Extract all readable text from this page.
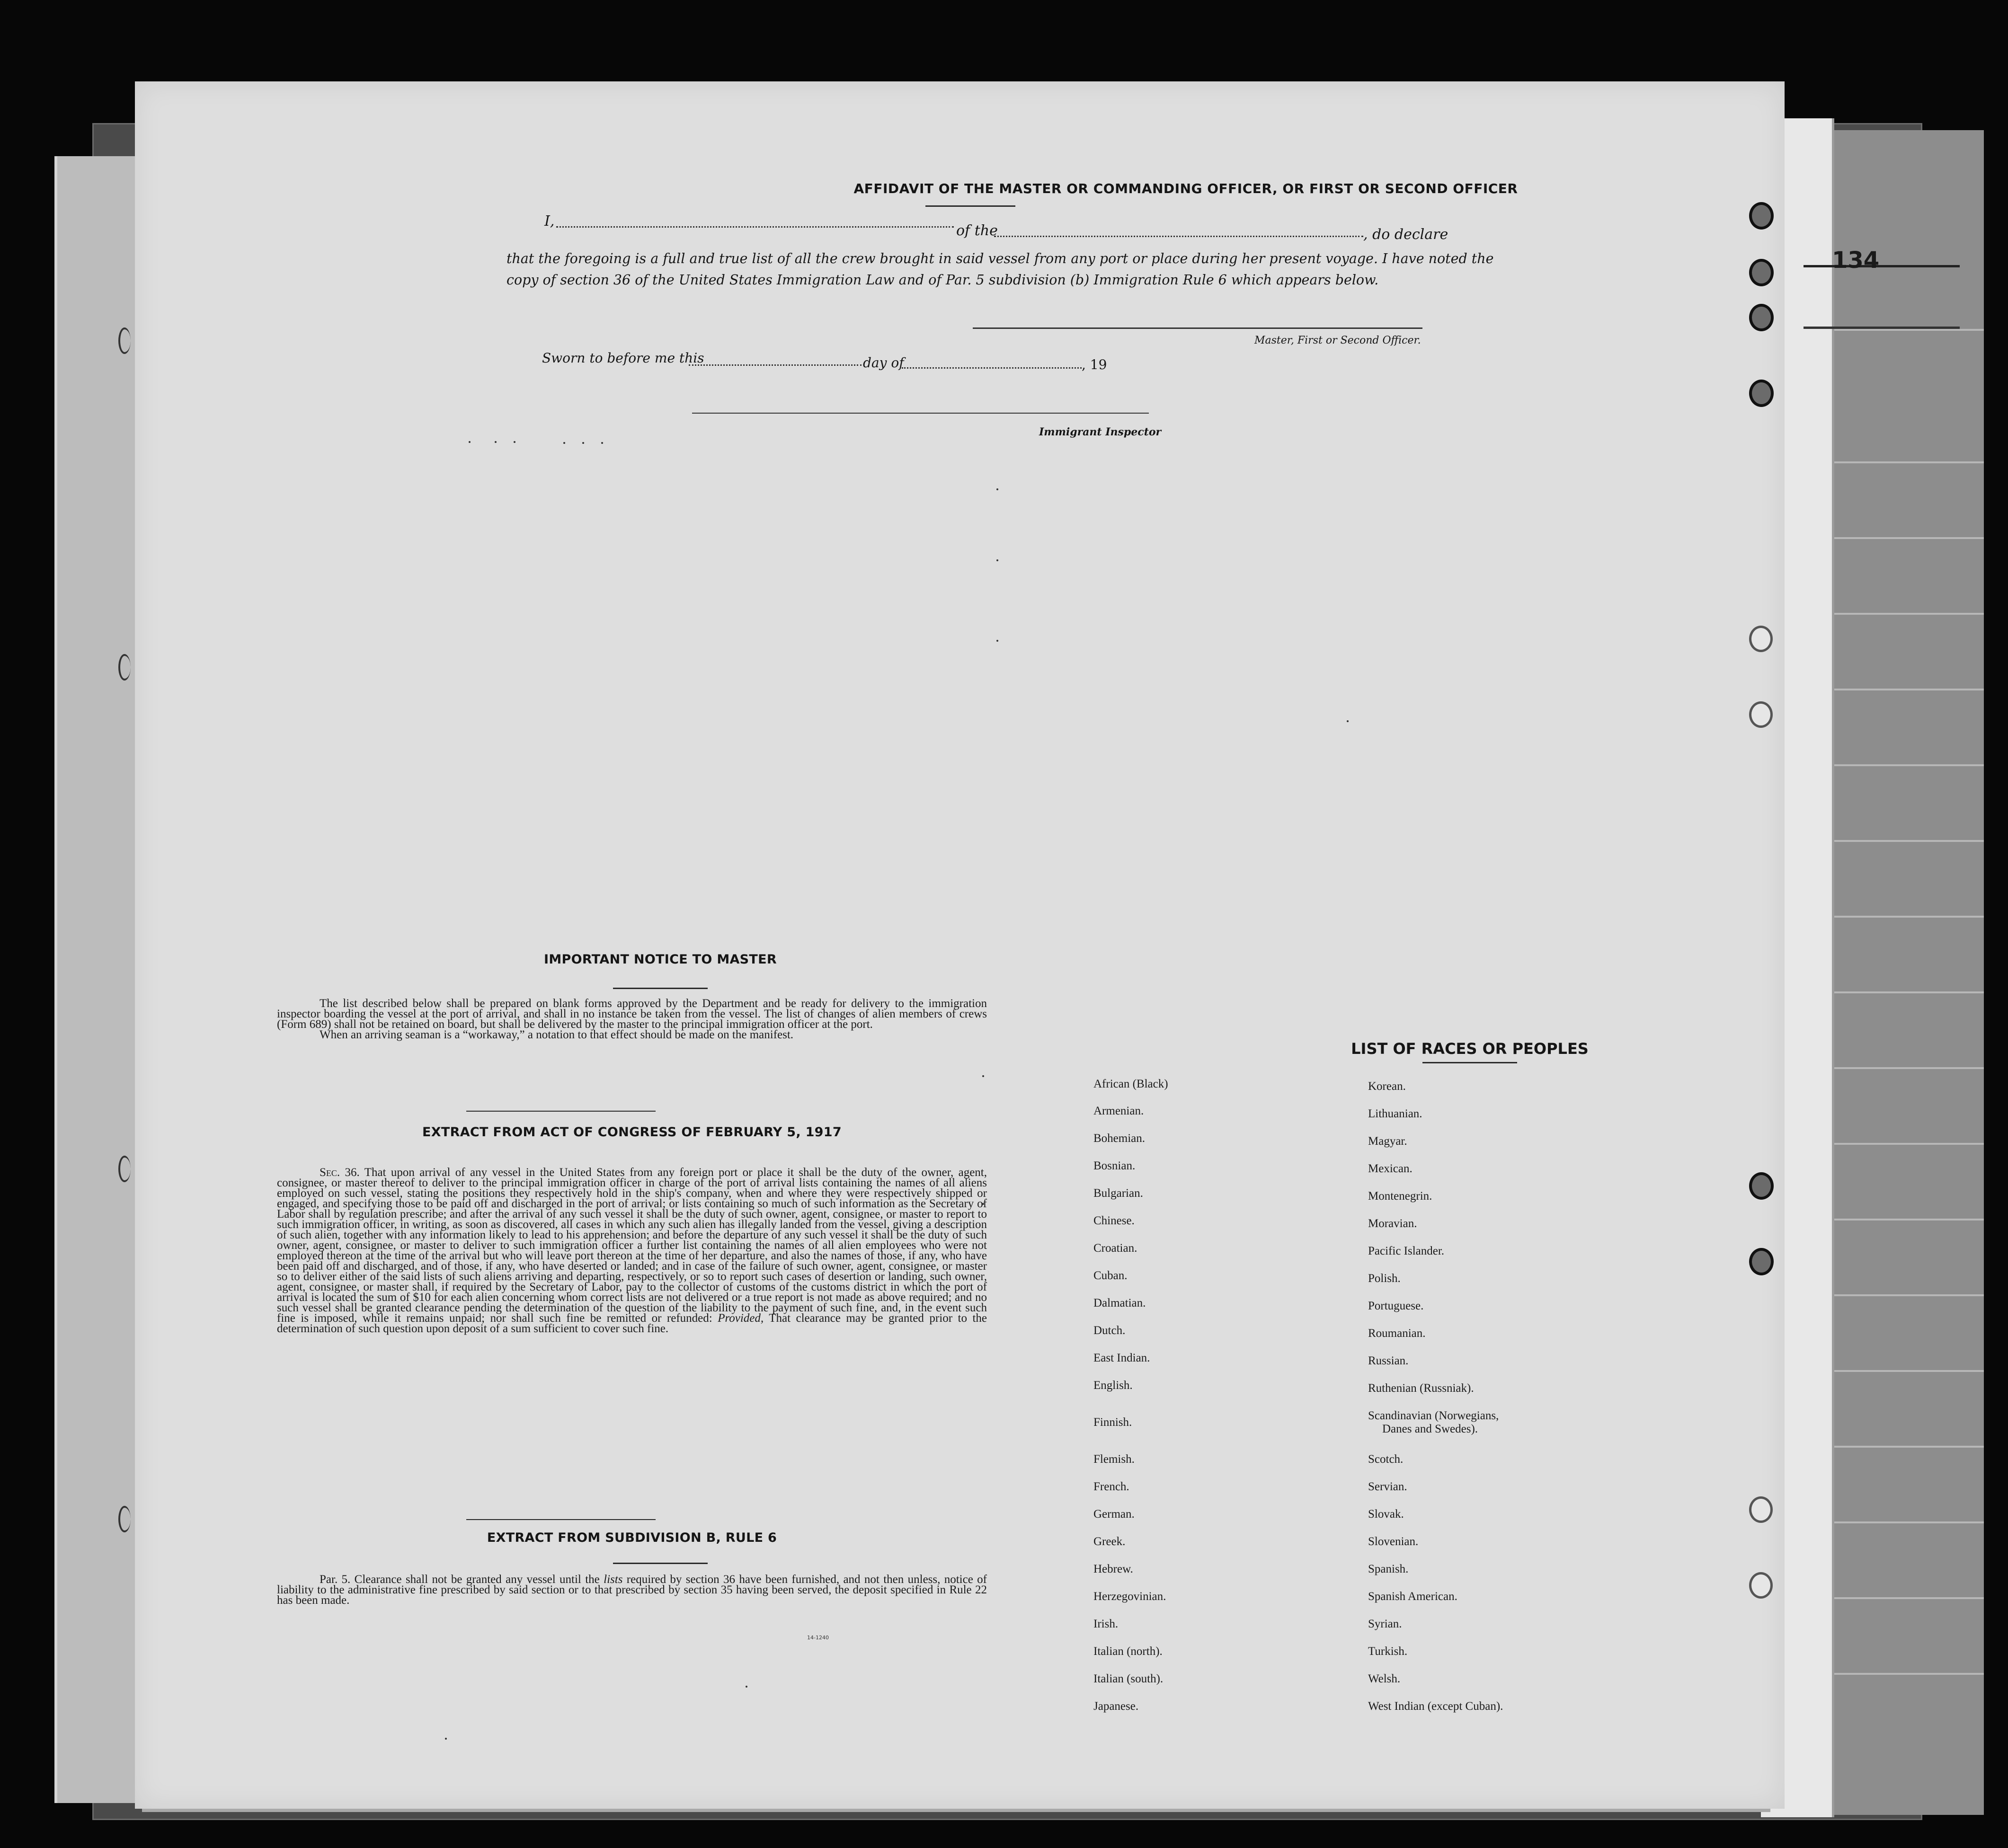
134
AFFIDAVIT OF THE MASTER OR COMMANDING OFFICER, OR FIRST OR SECOND OFFICER
I,
of the	, do declare
that the foregoing is a full and true list of all the crew brought in said vessel from any port or place during her present voyage. I have noted the
copy of section 36 of the United States Immigration Law and of Par. 5 subdivision (b) Immigration Rule 6 which appears below.
Master, First or Second Officer.
Sworn to before me this	day of	, 19
Immigrant Inspector
IMPORTANT NOTICE TO MASTER

The list described below shall be prepared on blank forms approved by the Department and be ready for delivery to the immigration inspector boarding the vessel at the port of arrival, and shall in no instance be taken from the vessel. The list of changes of alien members of crews (Form 689) shall not be retained on board, but shall be delivered by the master to the principal immigration officer at the port.

When an arriving seaman is a “workaway,” a notation to that effect should be made on the manifest.

EXTRACT FROM ACT OF CONGRESS OF FEBRUARY 5, 1917

Sec. 36. That upon arrival of any vessel in the United States from any foreign port or place it shall be the duty of the owner, agent, consignee, or master thereof to deliver to the principal immigration officer in charge of the port of arrival lists containing the names of all aliens employed on such vessel, stating the positions they respectively hold in the ship's company, when and where they were respectively shipped or engaged, and specifying those to be paid off and discharged in the port of arrival; or lists containing so much of such information as the Secretary of Labor shall by regulation prescribe; and after the arrival of any such vessel it shall be the duty of such owner, agent, consignee, or master to report to such immigration officer, in writing, as soon as discovered, all cases in which any such alien has illegally landed from the vessel, giving a description of such alien, together with any information likely to lead to his apprehension; and before the departure of any such vessel it shall be the duty of such owner, agent, consignee, or master to deliver to such immigration officer a further list containing the names of all alien employees who were not employed thereon at the time of the arrival but who will leave port thereon at the time of her departure, and also the names of those, if any, who have been paid off and discharged, and of those, if any, who have deserted or landed; and in case of the failure of such owner, agent, consignee, or master so to deliver either of the said lists of such aliens arriving and departing, respectively, or so to report such cases of desertion or landing, such owner, agent, consignee, or master shall, if required by the Secretary of Labor, pay to the collector of customs of the customs district in which the port of arrival is located the sum of $10 for each alien concerning whom correct lists are not delivered or a true report is not made as above required; and no such vessel shall be granted clearance pending the determination of the question of the liability to the payment of such fine, and, in the event such fine is imposed, while it remains unpaid; nor shall such fine be remitted or refunded: Provided, That clearance may be granted prior to the determination of such question upon deposit of a sum sufficient to cover such fine.

EXTRACT FROM SUBDIVISION B, RULE 6

Par. 5. Clearance shall not be granted any vessel until the lists required by section 36 have been furnished, and not then unless, notice of liability to the administrative fine prescribed by said section or to that prescribed by section 35 having been served, the deposit specified in Rule 22 has been made.

14-1240
LIST OF RACES OR PEOPLES
African (Black)
Armenian.
Bohemian.
Bosnian.
Bulgarian.
Chinese.
Croatian.
Cuban.
Dalmatian.
Dutch.
East Indian.
English.
Finnish.
Flemish.
French.
German.
Greek.
Hebrew.
Herzegovinian.
Irish.
Italian (north).
Italian (south).
Japanese.
Korean.
Lithuanian.
Magyar.
Mexican.
Montenegrin.
Moravian.
Pacific Islander.
Polish.
Portuguese.
Roumanian.
Russian.
Ruthenian (Russniak).
Scandinavian (Norwegians,
Danes and Swedes).
Scotch.
Servian.
Slovak.
Slovenian.
Spanish.
Spanish American.
Syrian.
Turkish.
Welsh.
West Indian (except Cuban).
